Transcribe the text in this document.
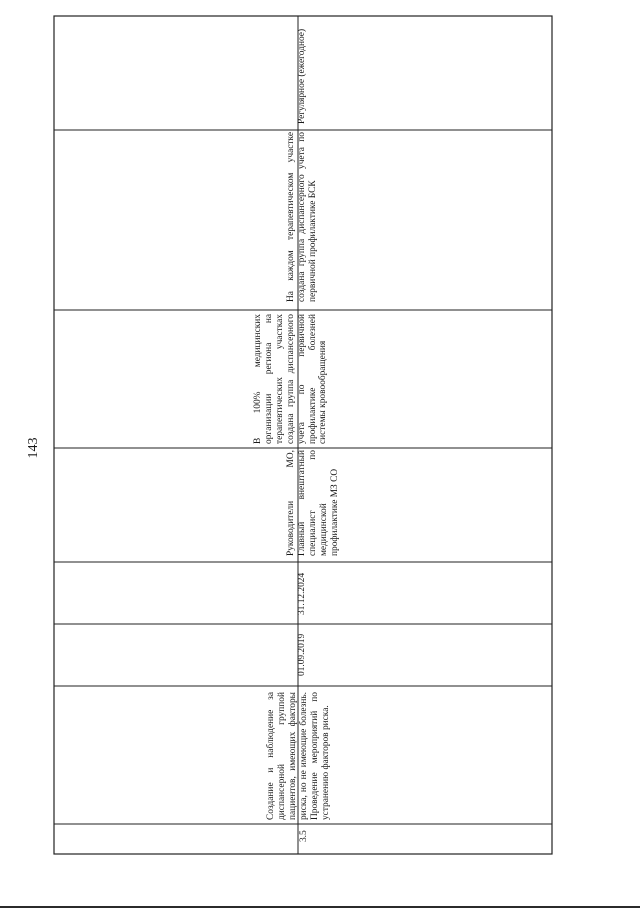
143
3.5
Создание и наблюдение за диспансерной группой пациентов, имеющих факторы риска, но не имеющие болезнь. Проведение мероприятий по устранению факторов риска.
01.09.2019
31.12.2024
Руководители МО, Главный внештатный специалист по медицинской профилактике МЗ СО
В 100% медицинских организации региона на терапевтических участках создана группа диспансерного учета по первичной профилактике болезней системы кровообращения
На каждом терапевтическом участке создана группа диспансерного учета по первичной профилактике БСК
Регулярное (ежегодное)
